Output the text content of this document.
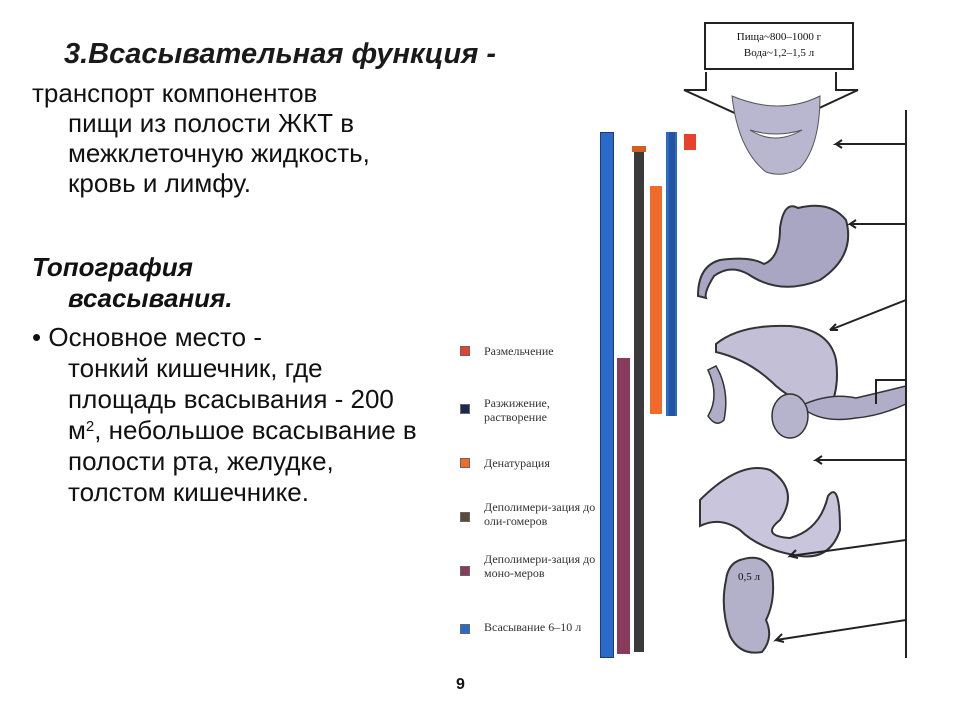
3.Всасывательная функция -
транспорт компонентов
пищи из полости ЖКТ в межклеточную жидкость, кровь и лимфу.
Топография
всасывания.
• Основное место -
тонкий кишечник, где площадь всасывания - 200 $м^2$, небольшое всасывание в полости рта, желудке, толстом кишечнике.
Пища~800–1000 г
Вода~1,2–1,5 л
Размельчение
Разжижение, растворение
Денатурация
Деполимери-зация до оли-гомеров
Деполимери-зация до моно-меров
Всасывание 6–10 л
0,5 л
9
